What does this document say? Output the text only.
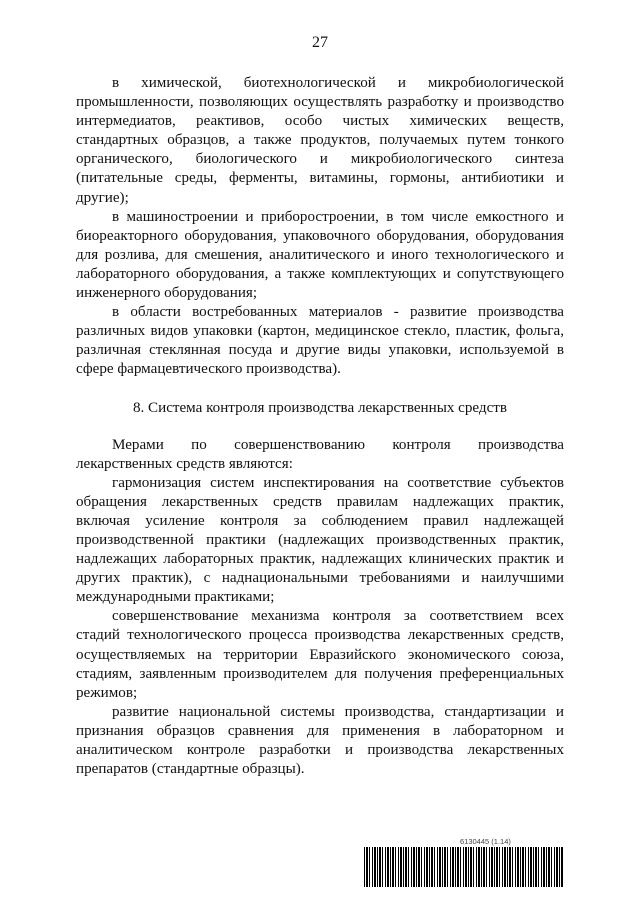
27

в химической, биотехнологической и микробиологической промышленности, позволяющих осуществлять разработку и производство интермедиатов, реактивов, особо чистых химических веществ, стандартных образцов, а также продуктов, получаемых путем тонкого органического, биологического и микробиологического синтеза (питательные среды, ферменты, витамины, гормоны, антибиотики и другие);

в машиностроении и приборостроении, в том числе емкостного и биореакторного оборудования, упаковочного оборудования, оборудования для розлива, для смешения, аналитического и иного технологического и лабораторного оборудования, а также комплектующих и сопутствующего инженерного оборудования;

в области востребованных материалов - развитие производства различных видов упаковки (картон, медицинское стекло, пластик, фольга, различная стеклянная посуда и другие виды упаковки, используемой в сфере фармацевтического производства).

8. Система контроля производства лекарственных средств

Мерами по совершенствованию контроля производства лекарственных средств являются:

гармонизация систем инспектирования на соответствие субъектов обращения лекарственных средств правилам надлежащих практик, включая усиление контроля за соблюдением правил надлежащей производственной практики (надлежащих производственных практик, надлежащих лабораторных практик, надлежащих клинических практик и других практик), с наднациональными требованиями и наилучшими международными практиками;

совершенствование механизма контроля за соответствием всех стадий технологического процесса производства лекарственных средств, осуществляемых на территории Евразийского экономического союза, стадиям, заявленным производителем для получения преференциальных режимов;

развитие национальной системы производства, стандартизации и признания образцов сравнения для применения в лабораторном и аналитическом контроле разработки и производства лекарственных препаратов (стандартные образцы).

6130445 (1.14)
